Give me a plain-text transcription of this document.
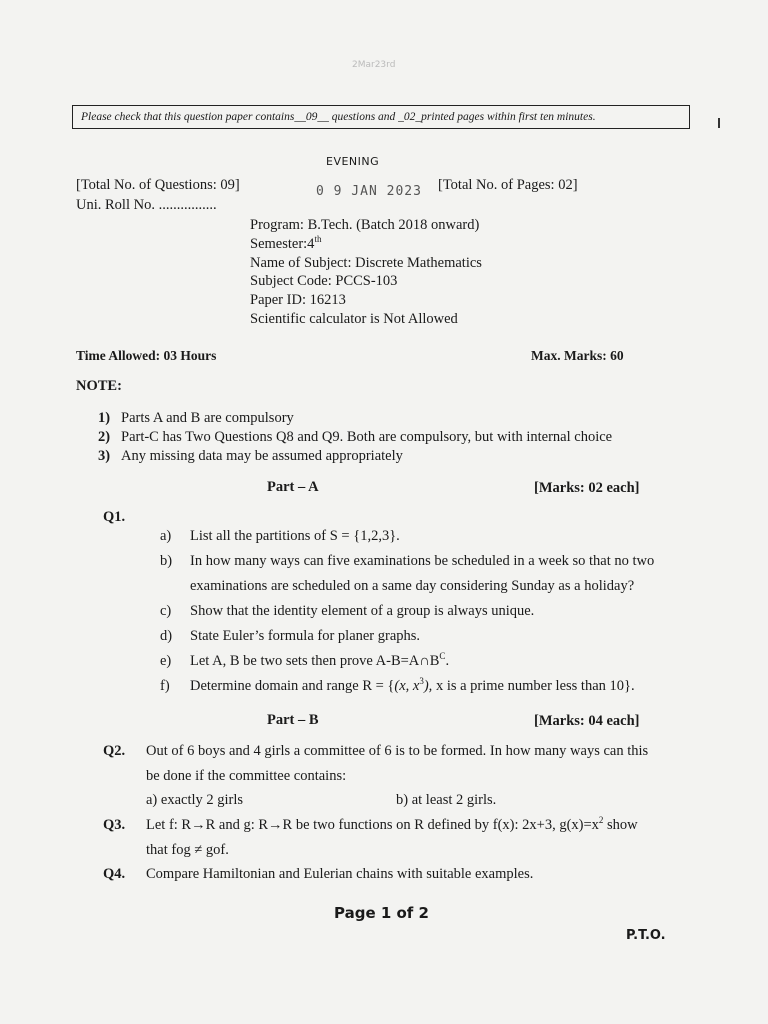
2Mar23rd
Please check that this question paper contains__09__ questions and _02_printed pages within first ten minutes.
EVENING
0 9 JAN 2023
[Total No. of Questions: 09]
Uni. Roll No. ................
[Total No. of Pages: 02]
Program: B.Tech. (Batch 2018 onward)
Semester:4th
Name of Subject: Discrete Mathematics
Subject Code: PCCS-103
Paper ID: 16213
Scientific calculator is Not Allowed
Time Allowed: 03 Hours	Max. Marks: 60
NOTE:
1) Parts A and B are compulsory
2) Part-C has Two Questions Q8 and Q9. Both are compulsory, but with internal choice
3) Any missing data may be assumed appropriately
Part – A	[Marks: 02 each]
Q1.
a) List all the partitions of S = {1,2,3}.
b) In how many ways can five examinations be scheduled in a week so that no two
examinations are scheduled on a same day considering Sunday as a holiday?
c) Show that the identity element of a group is always unique.
d) State Euler’s formula for planer graphs.
e) Let A, B be two sets then prove $A-B=A\cap B^C$.
f) Determine domain and range R = {(x, $x^3$), x is a prime number less than 10}.
Part – B	[Marks: 04 each]
Q2. Out of 6 boys and 4 girls a committee of 6 is to be formed. In how many ways can this
be done if the committee contains:
a) exactly 2 girls	b) at least 2 girls.
Q3. Let f: R→R and g: R→R be two functions on R defined by f(x): 2x+3, $g(x)=x^2$ show
that fog ≠ gof.
Q4. Compare Hamiltonian and Eulerian chains with suitable examples.
Page 1 of 2
P.T.O.
